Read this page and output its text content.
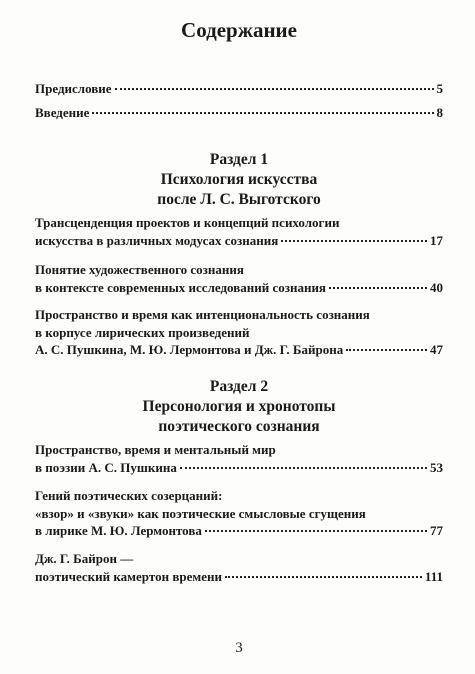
Содержание
Предисловие	5
Введение	8
Раздел 1
Психология искусства
после Л. С. Выготского
Трансценденция проектов и концепций психологии
искусства в различных модусах сознания	17
Понятие художественного сознания
в контексте современных исследований сознания	40
Пространство и время как интенциональность сознания
в корпусе лирических произведений
А. С. Пушкина, М. Ю. Лермонтова и Дж. Г. Байрона	47
Раздел 2
Персонология и хронотопы
поэтического сознания
Пространство, время и ментальный мир
в поэзии А. С. Пушкина	53
Гений поэтических созерцаний:
«взор» и «звуки» как поэтические смысловые сгущения
в лирике М. Ю. Лермонтова	77
Дж. Г. Байрон —
поэтический камертон времени	111
3
